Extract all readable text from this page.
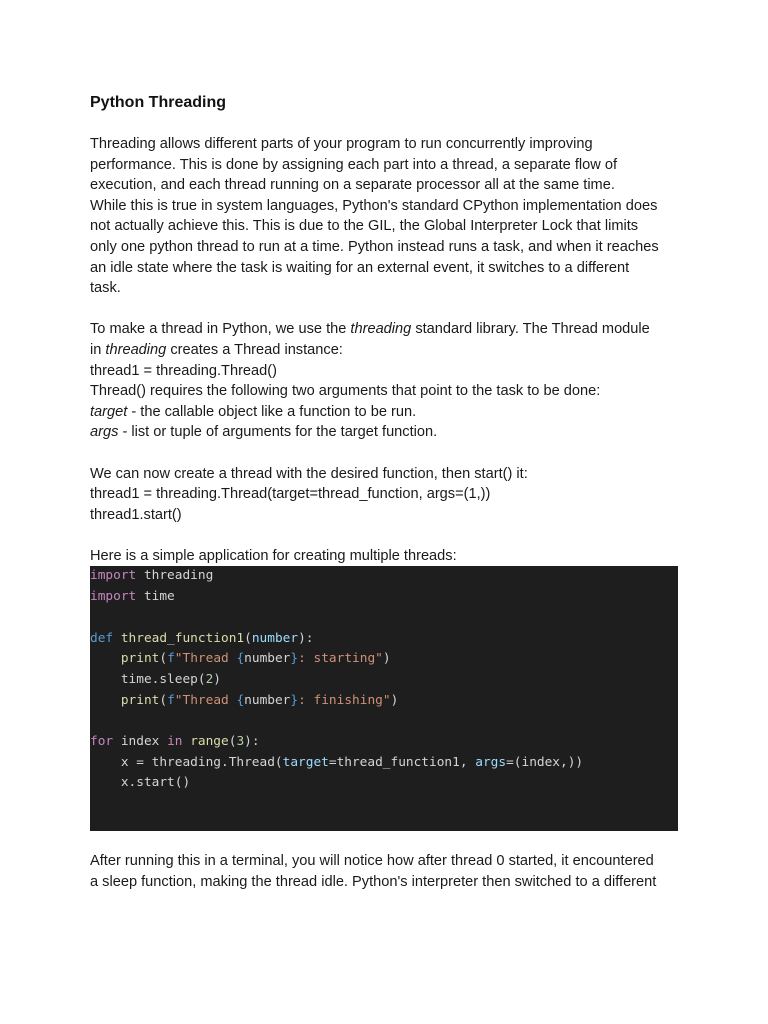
Python Threading

Threading allows different parts of your program to run concurrently improving
performance. This is done by assigning each part into a thread, a separate flow of
execution, and each thread running on a separate processor all at the same time.
While this is true in system languages, Python's standard CPython implementation does
not actually achieve this. This is due to the GIL, the Global Interpreter Lock that limits
only one python thread to run at a time. Python instead runs a task, and when it reaches
an idle state where the task is waiting for an external event, it switches to a different
task.

To make a thread in Python, we use the threading standard library. The Thread module
in threading creates a Thread instance:
thread1 = threading.Thread()
Thread() requires the following two arguments that point to the task to be done:
target - the callable object like a function to be run.
args - list or tuple of arguments for the target function.

We can now create a thread with the desired function, then start() it:
thread1 = threading.Thread(target=thread_function, args=(1,))
thread1.start()

Here is a simple application for creating multiple threads:

import threading
import time
def thread_function1(number):
print(f"Thread {number}: starting")
time.sleep(2)
print(f"Thread {number}: finishing")
for index in range(3):
x = threading.Thread(target=thread_function1, args=(index,))
x.start()

After running this in a terminal, you will notice how after thread 0 started, it encountered
a sleep function, making the thread idle. Python's interpreter then switched to a different
